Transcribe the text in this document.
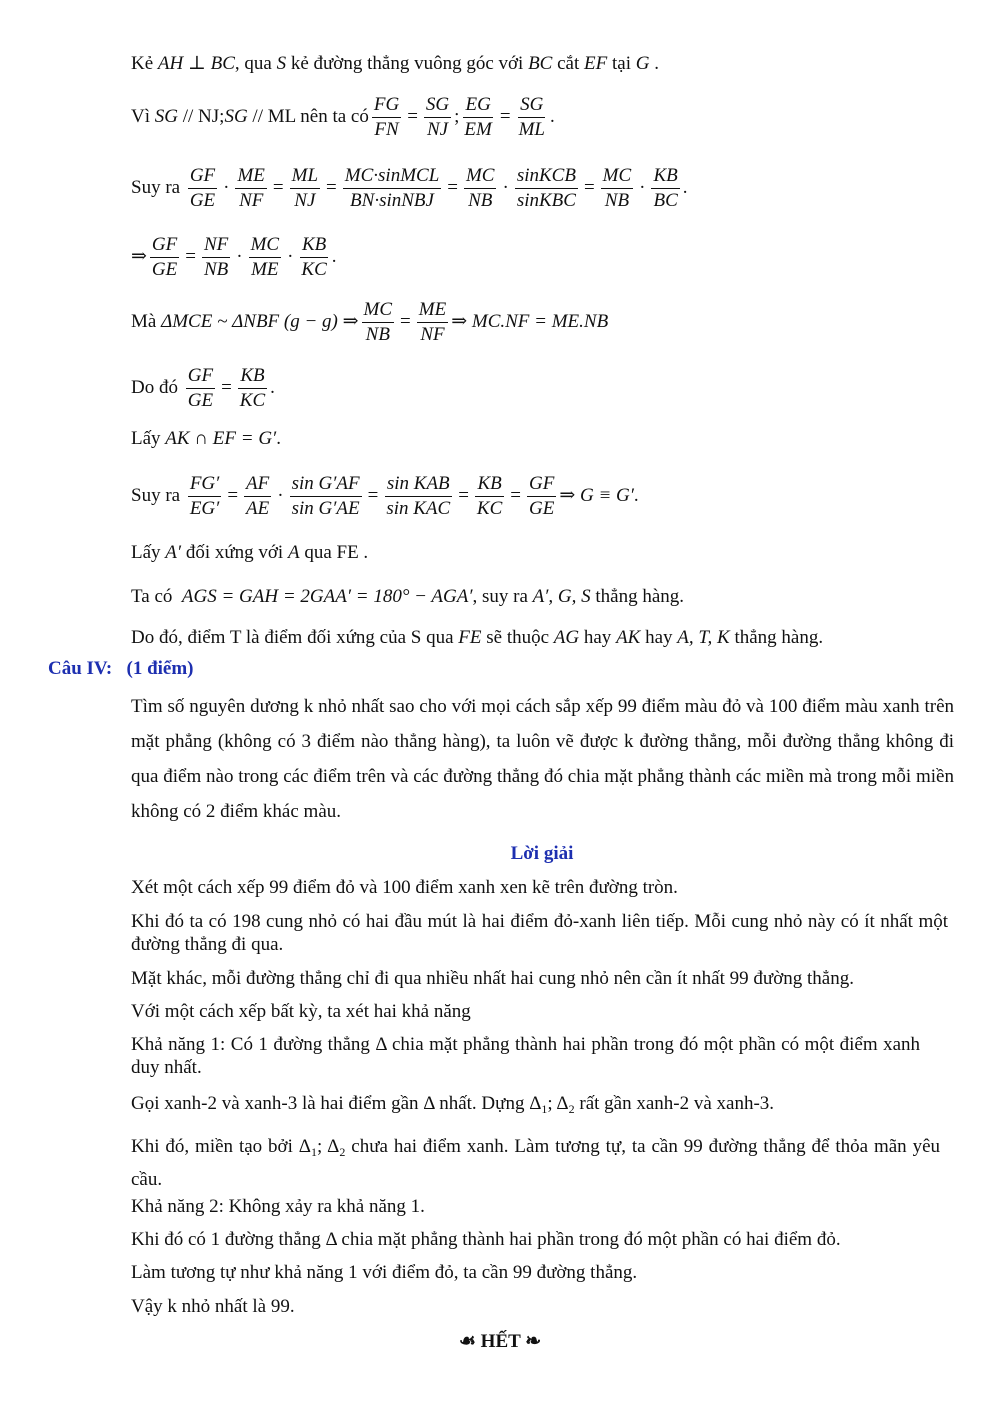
Kẻ AH ⊥ BC, qua S kẻ đường thẳng vuông góc với BC cắt EF tại G .
Vì
SG
// NJ; SG
// ML nên ta có $\frac{FG}{FN} = \frac{SG}{NJ}$ ; $\frac{EG}{EM} = \frac{SG}{ML}$ .
Suy ra
$\frac{GF}{GE} \cdot \frac{ME}{NF} = \frac{ML}{NJ} = \frac{\text{MC·sinMCL}}{\text{BN·sinNBJ}} = \frac{MC}{NB} \cdot \frac{\text{sinKCB}}{\text{sinKBC}} = \frac{MC}{NB} \cdot \frac{KB}{BC}$ .
⇒ $\frac{GF}{GE} = \frac{NF}{NB} \cdot \frac{MC}{ME} \cdot \frac{KB}{KC}$ .
Mà
ΔMCE ~ ΔNBF (g − g) ⇒ $\frac{MC}{NB} = \frac{ME}{NF}$ ⇒ MC.NF = ME.NB
Do đó
$\frac{GF}{GE} = \frac{KB}{KC}$ .
Lấy AK ∩ EF = G′.
Suy ra
$\frac{FG'}{EG'} = \frac{AF}{AE} \cdot \frac{\text{sin G′AF}}{\text{sin G′AE}} = \frac{\text{sin KAB}}{\text{sin KAC}} = \frac{KB}{KC} = \frac{GF}{GE}$ ⇒ G ≡ G′ .
Lấy A′ đối xứng với A qua FE .
Ta có AGS = GAH = 2GAA′ = 180° − AGA′, suy ra A′, G, S thẳng hàng.
Do đó, điểm T là điểm đối xứng của S qua FE sẽ thuộc AG hay AK hay A, T, K thẳng hàng.
Câu IV: (1 điểm)
Tìm số nguyên dương k nhỏ nhất sao cho với mọi cách sắp xếp 99 điểm màu đỏ và 100 điểm màu xanh trên mặt phẳng (không có 3 điểm nào thẳng hàng), ta luôn vẽ được k đường thẳng, mỗi đường thẳng không đi qua điểm nào trong các điểm trên và các đường thẳng đó chia mặt phẳng thành các miền mà trong mỗi miền không có 2 điểm khác màu.
Lời giải
Xét một cách xếp 99 điểm đỏ và 100 điểm xanh xen kẽ trên đường tròn.
Khi đó ta có 198 cung nhỏ có hai đầu mút là hai điểm đỏ-xanh liên tiếp. Mỗi cung nhỏ này có ít nhất một đường thẳng đi qua.
Mặt khác, mỗi đường thẳng chỉ đi qua nhiều nhất hai cung nhỏ nên cần ít nhất 99 đường thẳng.
Với một cách xếp bất kỳ, ta xét hai khả năng
Khả năng 1: Có 1 đường thẳng Δ chia mặt phẳng thành hai phần trong đó một phần có một điểm xanh duy nhất.
Gọi xanh-2 và xanh-3 là hai điểm gần Δ nhất. Dựng $\Delta_1$; $\Delta_2$ rất gần xanh-2 và xanh-3.
Khi đó, miền tạo bởi $\Delta_1$; $\Delta_2$ chưa hai điểm xanh. Làm tương tự, ta cần 99 đường thẳng để thỏa mãn yêu cầu.
Khả năng 2: Không xảy ra khả năng 1.
Khi đó có 1 đường thẳng Δ chia mặt phẳng thành hai phần trong đó một phần có hai điểm đỏ.
Làm tương tự như khả năng 1 với điểm đỏ, ta cần 99 đường thẳng.
Vậy k nhỏ nhất là 99.
☙ HẾT ❧
